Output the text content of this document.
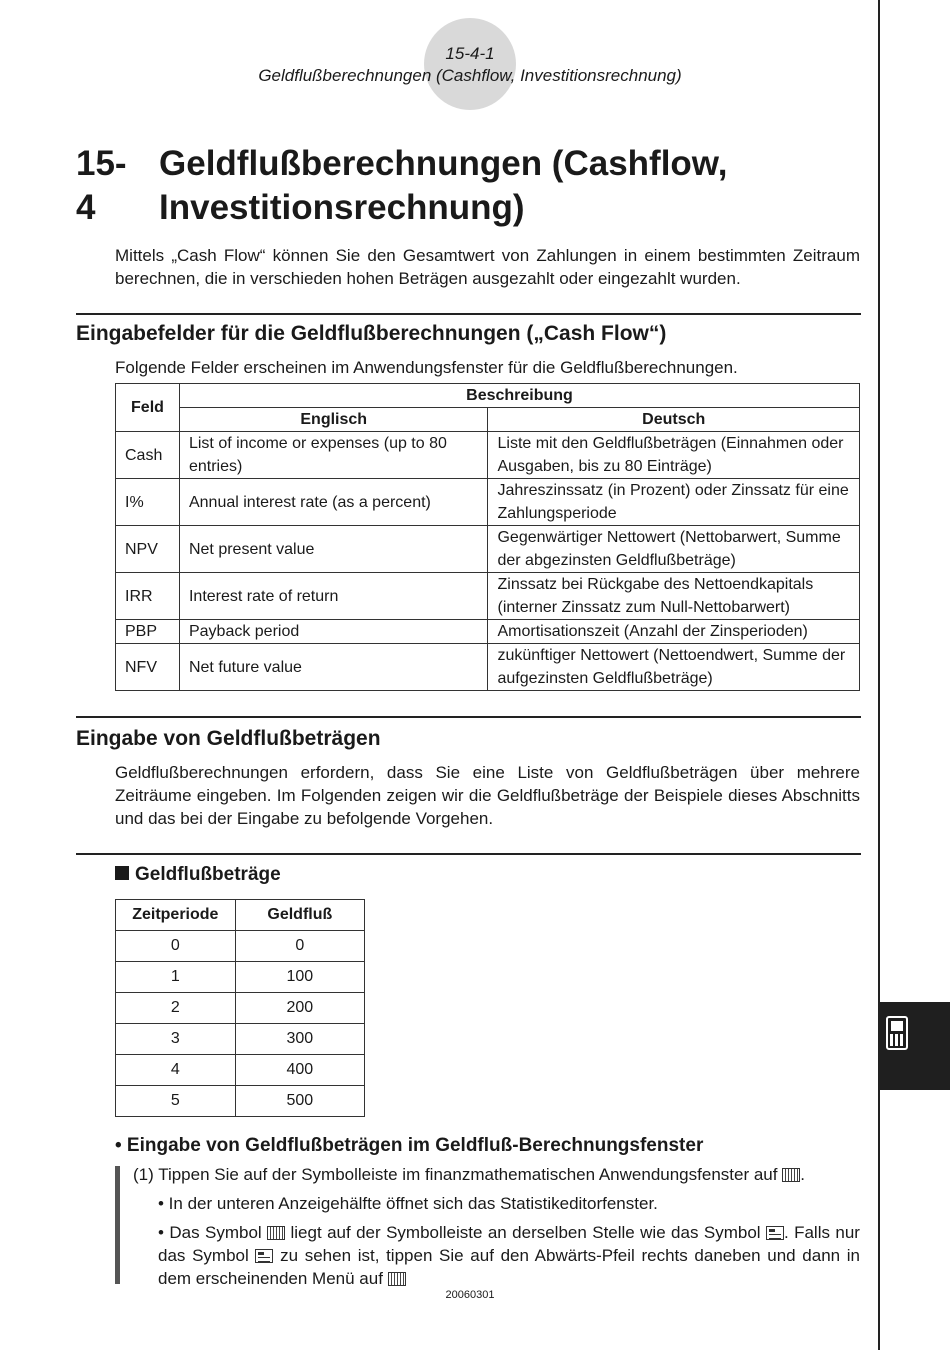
15-4-1
Geldflußberechnungen (Cashflow, Investitionsrechnung)
15-4
Geldflußberechnungen (Cashflow,
Investitionsrechnung)
Mittels „Cash Flow“ können Sie den Gesamtwert von Zahlungen in einem bestimmten Zeitraum berechnen, die in verschieden hohen Beträgen ausgezahlt oder eingezahlt wurden.
Eingabefelder für die Geldflußberechnungen („Cash Flow“)
Folgende Felder erscheinen im Anwendungsfenster für die Geldflußberechnungen.
Feld	Beschreibung	
	Englisch	Deutsch
Cash	List of income or expenses (up to 80 entries)	Liste mit den Geldflußbeträgen (Einnahmen oder Ausgaben, bis zu 80 Einträge)
I%	Annual interest rate (as a percent)	Jahreszinssatz (in Prozent) oder Zinssatz für eine Zahlungsperiode
NPV	Net present value	Gegenwärtiger Nettowert (Nettobarwert, Summe der abgezinsten Geldflußbeträge)
IRR	Interest rate of return	Zinssatz bei Rückgabe des Nettoendkapitals (interner Zinssatz zum Null-Nettobarwert)
PBP	Payback period	Amortisationszeit (Anzahl der Zinsperioden)
NFV	Net future value	zukünftiger Nettowert (Nettoendwert, Summe der aufgezinsten Geldflußbeträge)
Eingabe von Geldflußbeträgen
Geldflußberechnungen erfordern, dass Sie eine Liste von Geldflußbeträgen über mehrere Zeiträume eingeben. Im Folgenden zeigen wir die Geldflußbeträge der Beispiele dieses Abschnitts und das bei der Eingabe zu befolgende Vorgehen.
Geldflußbeträge
Zeitperiode	Geldfluß
0	0
1	100
2	200
3	300
4	400
5	500
• Eingabe von Geldflußbeträgen im Geldfluß-Berechnungsfenster
(1) Tippen Sie auf der Symbolleiste im finanzmathematischen Anwendungsfenster auf .
• In der unteren Anzeigehälfte öffnet sich das Statistikeditorfenster.
• Das Symbol liegt auf der Symbolleiste an derselben Stelle wie das Symbol . Falls nur das Symbol zu sehen ist, tippen Sie auf den Abwärts-Pfeil rechts daneben und dann in dem erscheinenden Menü auf
20060301
